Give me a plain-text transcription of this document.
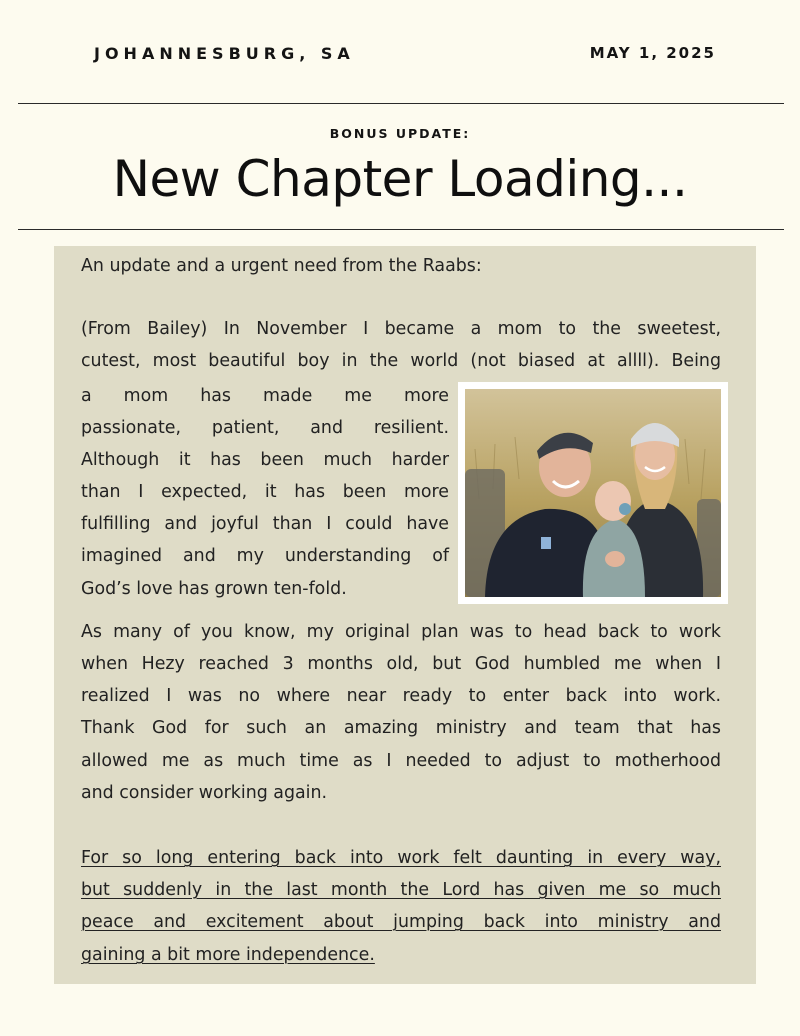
JOHANNESBURG, SA	MAY 1, 2025
BONUS UPDATE:
New Chapter Loading...
An update and a urgent need from the Raabs:
(From Bailey) In November I became a mom to the sweetest,
cutest, most beautiful boy in the world (not biased at allll). Being
a mom has made me more
passionate, patient, and resilient.
Although it has been much harder
than I expected, it has been more
fulfilling and joyful than I could have
imagined and my understanding of
God’s love has grown ten-fold.
As many of you know, my original plan was to head back to work
when Hezy reached 3 months old, but God humbled me when I
realized I was no where near ready to enter back into work.
Thank God for such an amazing ministry and team that has
allowed me as much time as I needed to adjust to motherhood
and consider working again.
For so long entering back into work felt daunting in every way,
but suddenly in the last month the Lord has given me so much
peace and excitement about jumping back into ministry and
gaining a bit more independence.
